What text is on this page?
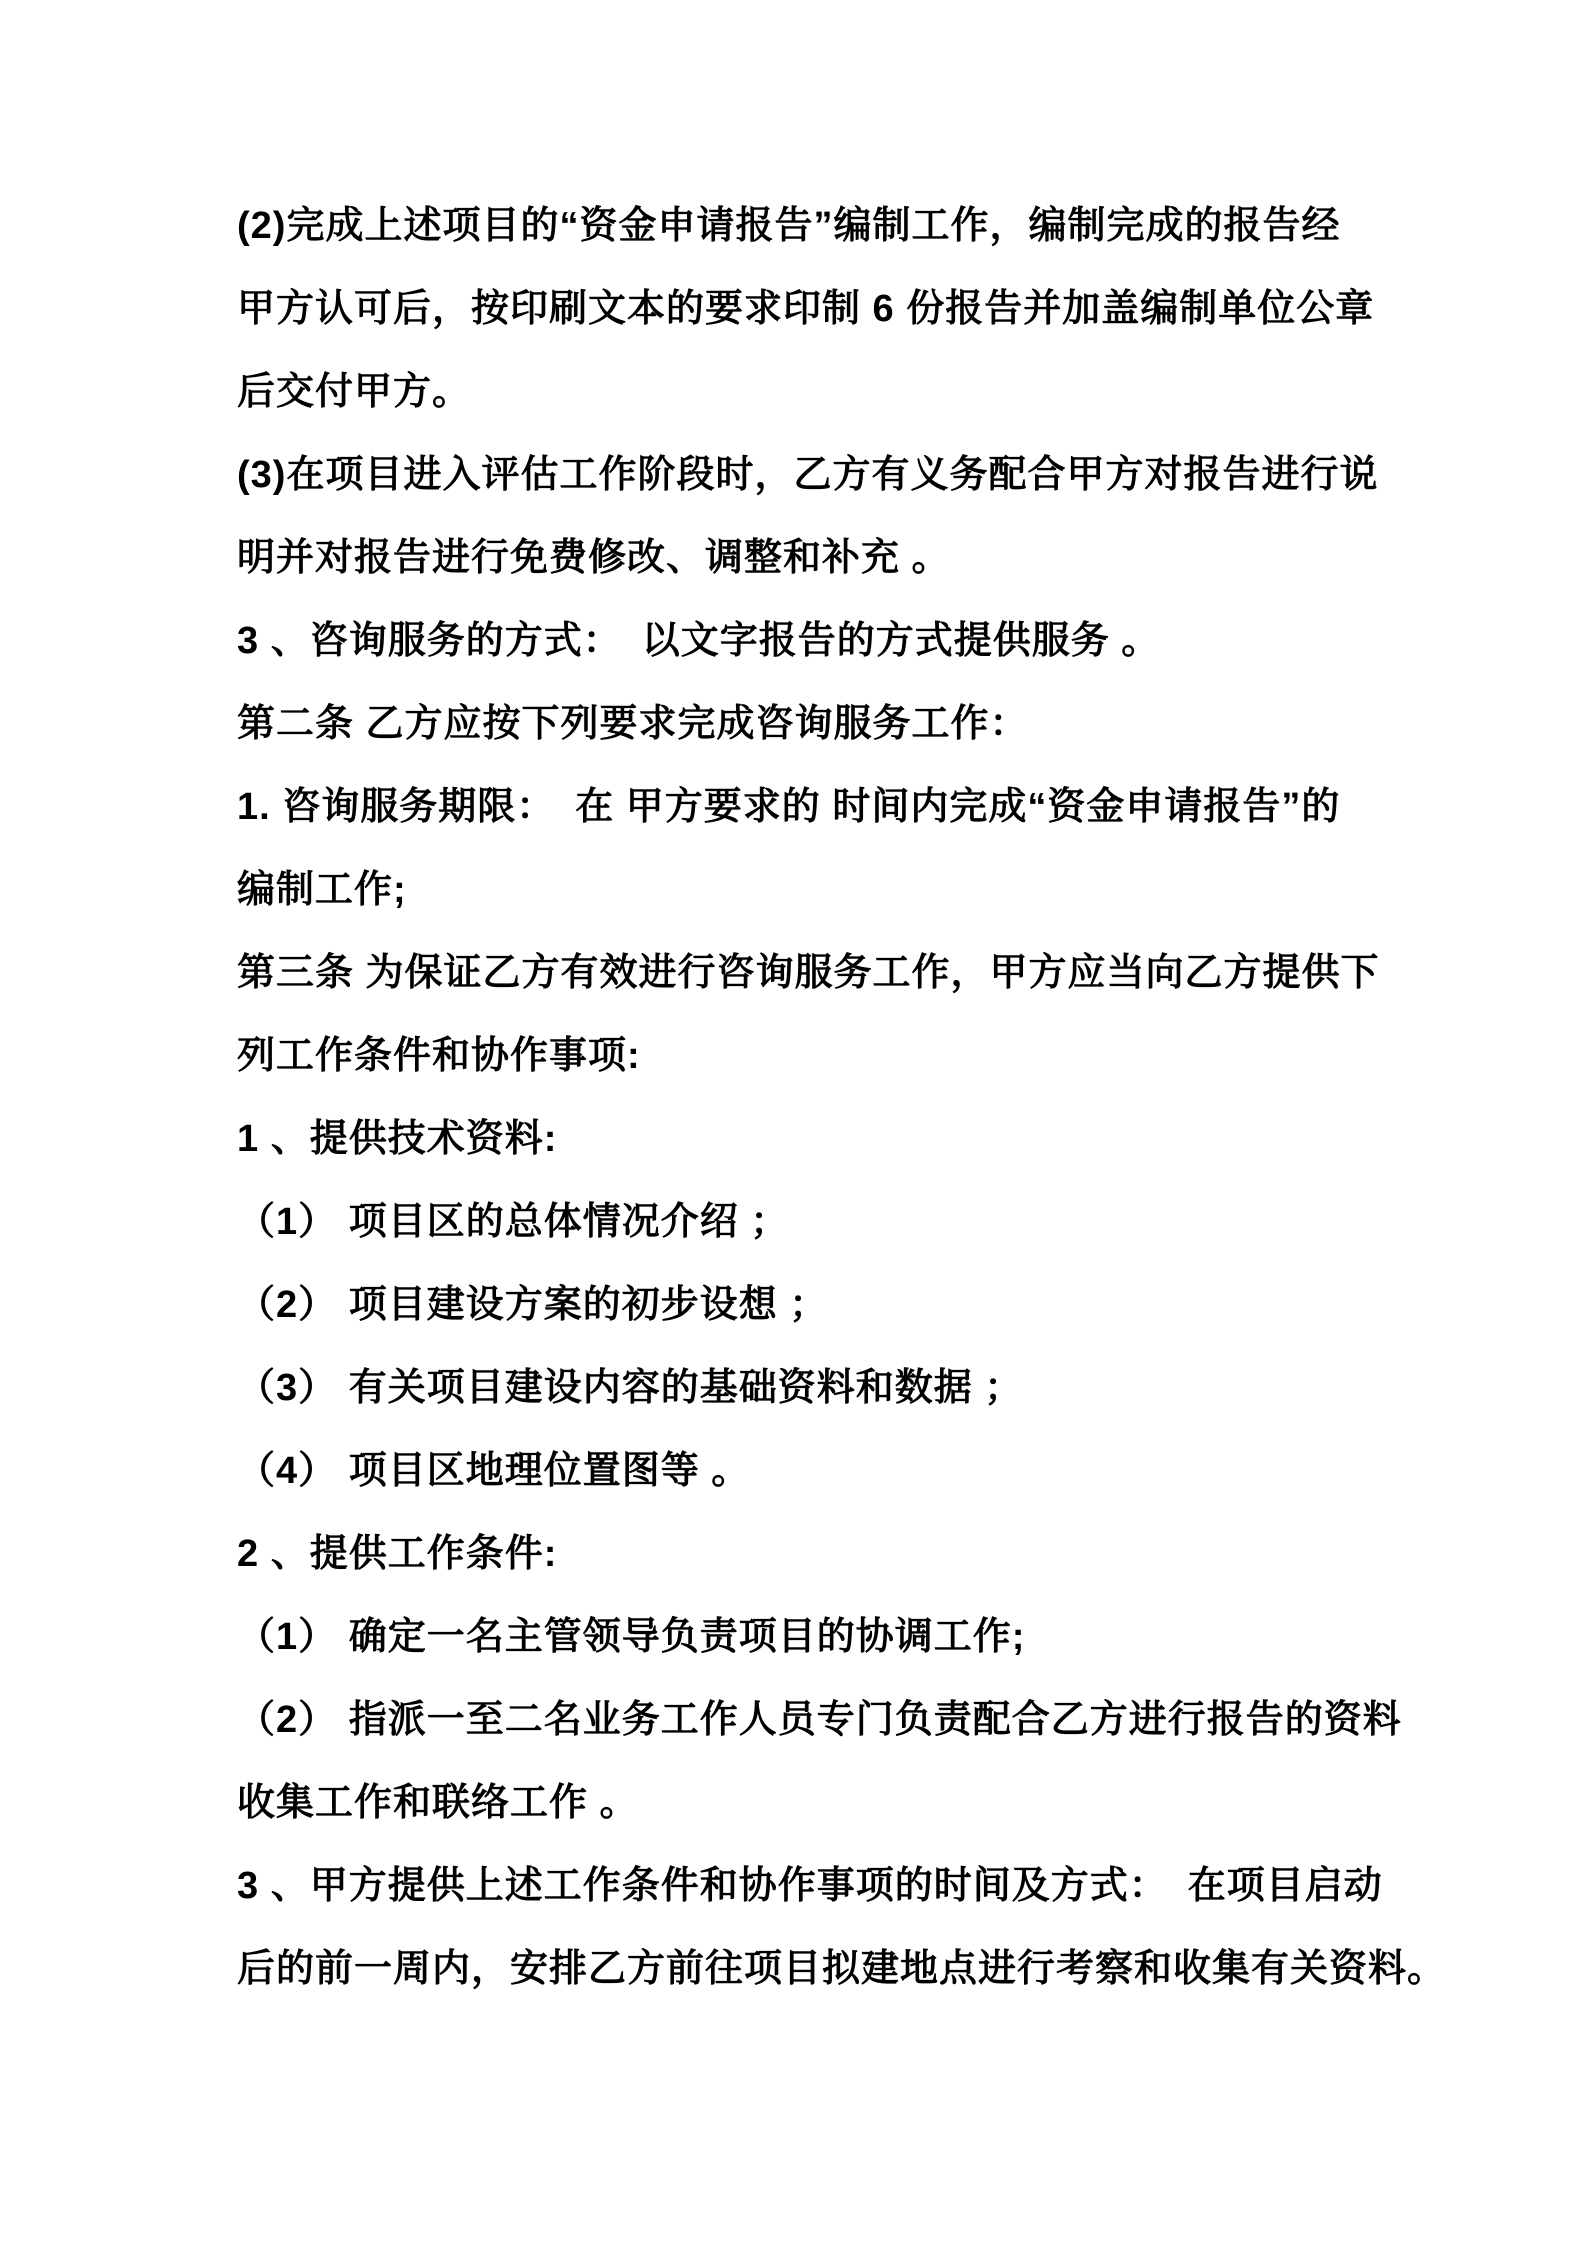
(2)完成上述项目的“资金申请报告”编制工作，编制完成的报告经
甲方认可后，按印刷文本的要求印制 6 份报告并加盖编制单位公章
后交付甲方。
(3)在项目进入评估工作阶段时，乙方有义务配合甲方对报告进行说
明并对报告进行免费修改、调整和补充 。
3 、咨询服务的方式：　以文字报告的方式提供服务 。
第二条 乙方应按下列要求完成咨询服务工作：
1. 咨询服务期限：　在 甲方要求的 时间内完成“资金申请报告”的
编制工作;
第三条 为保证乙方有效进行咨询服务工作，甲方应当向乙方提供下
列工作条件和协作事项:
1 、提供技术资料:
（1） 项目区的总体情况介绍 ；
（2） 项目建设方案的初步设想 ；
（3） 有关项目建设内容的基础资料和数据 ；
（4） 项目区地理位置图等 。
2 、提供工作条件:
（1） 确定一名主管领导负责项目的协调工作;
（2） 指派一至二名业务工作人员专门负责配合乙方进行报告的资料
收集工作和联络工作 。
3 、甲方提供上述工作条件和协作事项的时间及方式：　在项目启动
后的前一周内，安排乙方前往项目拟建地点进行考察和收集有关资料。
